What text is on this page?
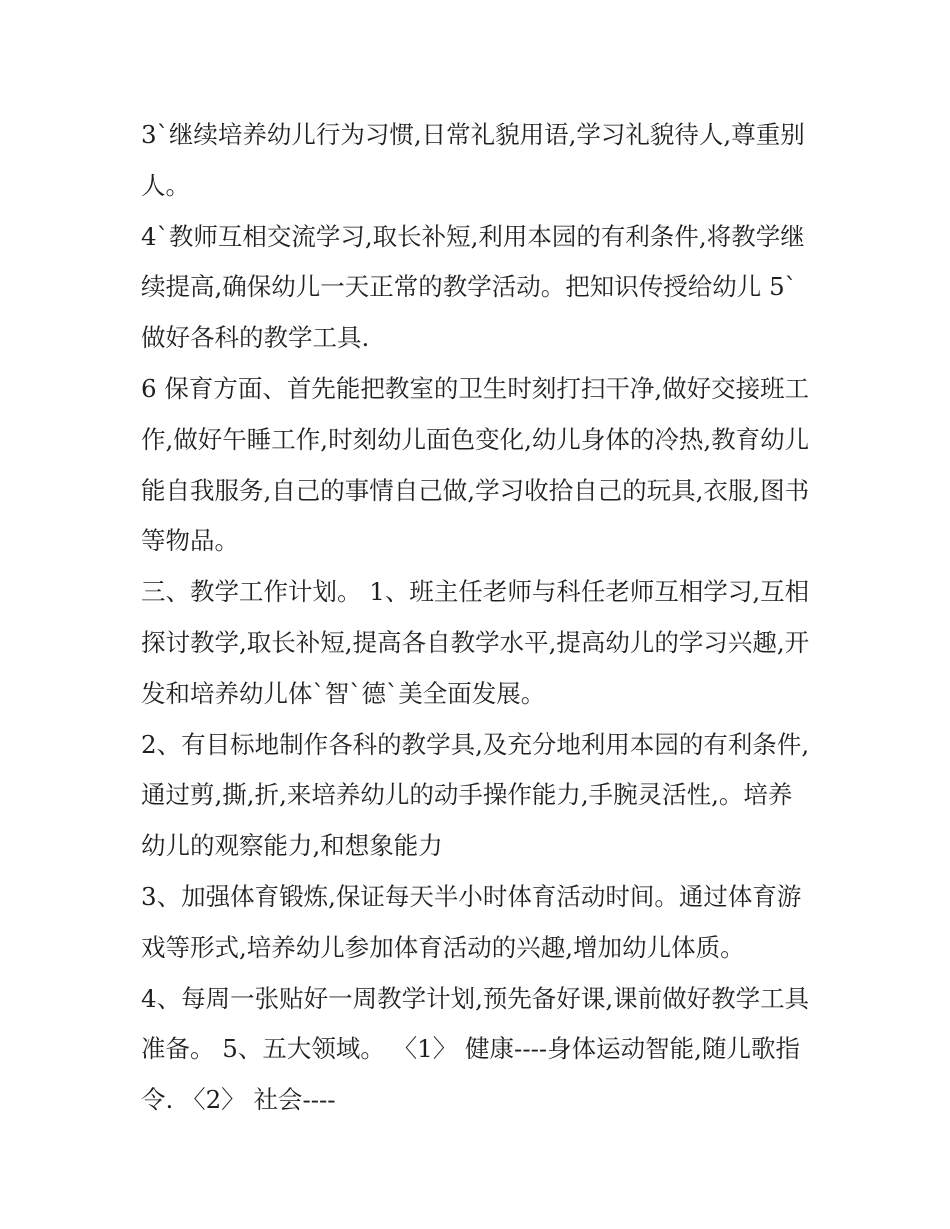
3`继续培养幼儿行为习惯,日常礼貌用语,学习礼貌待人,尊重别
人。

4`教师互相交流学习,取长补短,利用本园的有利条件,将教学继
续提高,确保幼儿一天正常的教学活动。把知识传授给幼儿 5`
做好各科的教学工具.

6 保育方面、首先能把教室的卫生时刻打扫干净,做好交接班工
作,做好午睡工作,时刻幼儿面色变化,幼儿身体的冷热,教育幼儿
能自我服务,自己的事情自己做,学习收拾自己的玩具,衣服,图书
等物品。

三、教学工作计划。 1、班主任老师与科任老师互相学习,互相
探讨教学,取长补短,提高各自教学水平,提高幼儿的学习兴趣,开
发和培养幼儿体`智`德`美全面发展。

2、有目标地制作各科的教学具,及充分地利用本园的有利条件,
通过剪,撕,折,来培养幼儿的动手操作能力,手腕灵活性,。培养
幼儿的观察能力,和想象能力

3、加强体育锻炼,保证每天半小时体育活动时间。通过体育游
戏等形式,培养幼儿参加体育活动的兴趣,增加幼儿体质。

4、每周一张贴好一周教学计划,预先备好课,课前做好教学工具
准备。 5、五大领域。 〈1〉 健康----身体运动智能,随儿歌指
令. 〈2〉 社会----
